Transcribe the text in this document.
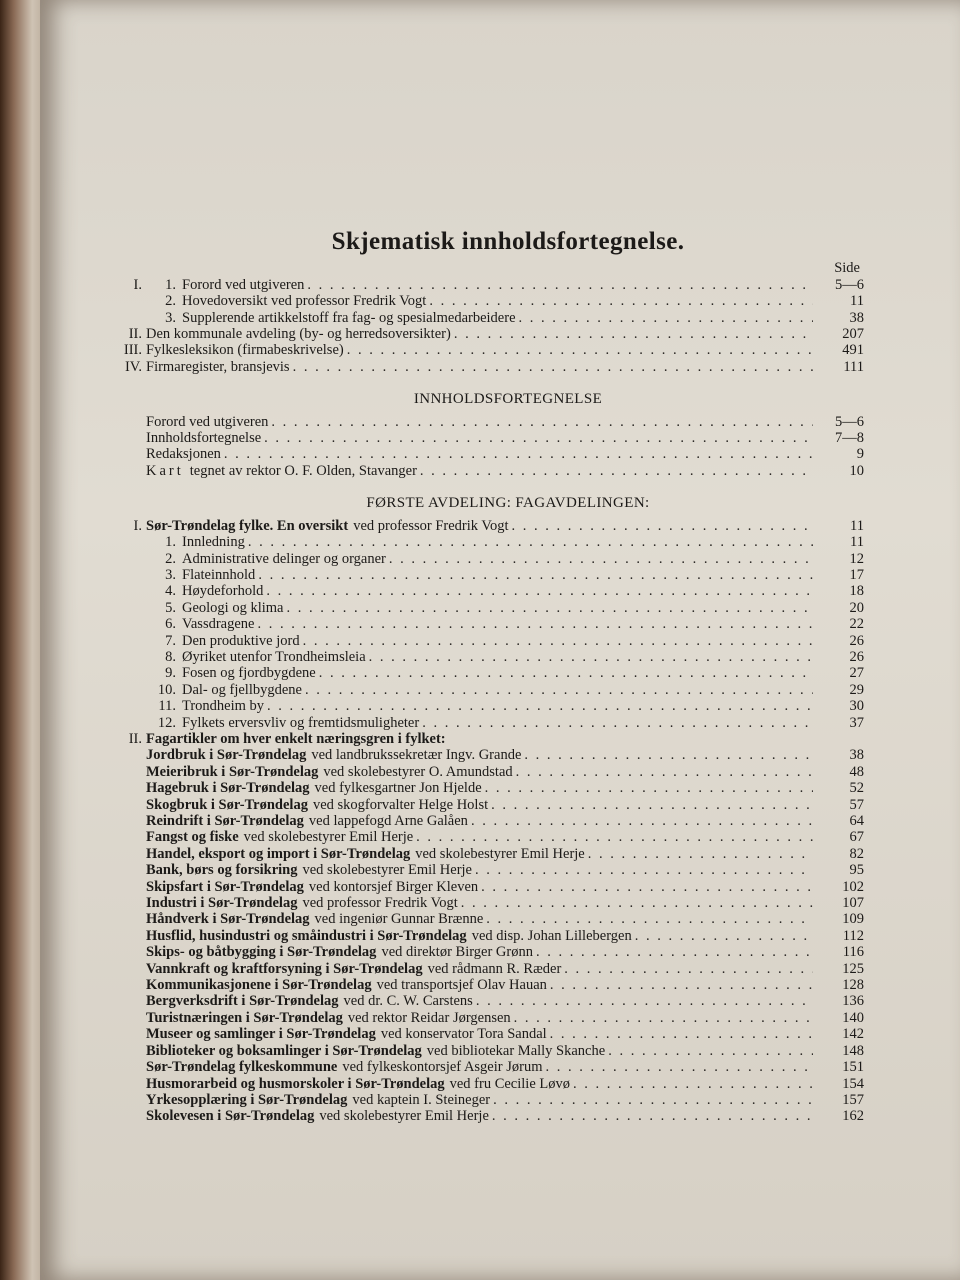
Skjematisk innholdsfortegnelse.
Side
I.	1. Forord ved utgiveren . . .	5—6
2. Hovedoversikt ved professor Fredrik Vogt . . .	11
3. Supplerende artikkelstoff fra fag- og spesialmedarbeidere . . .	38
II. Den kommunale avdeling (by- og herredsoversikter) . . .	207
III. Fylkesleksikon (firmabeskrivelse) . . .	491
IV. Firmaregister, bransjevis . . .	111
INNHOLDSFORTEGNELSE
Forord ved utgiveren . . .	5—6
Innholdsfortegnelse . . .	7—8
Redaksjonen . . .	9
Kart tegnet av rektor O. F. Olden, Stavanger . . .	10
FØRSTE AVDELING: FAGAVDELINGEN:
I. Sør-Trøndelag fylke. En oversikt ved professor Fredrik Vogt . . .	11
1. Innledning . . .	11
2. Administrative delinger og organer . . .	12
3. Flateinnhold . . .	17
4. Høydeforhold . . .	18
5. Geologi og klima . . .	20
6. Vassdragene . . .	22
7. Den produktive jord . . .	26
8. Øyriket utenfor Trondheimsleia . . .	26
9. Fosen og fjordbygdene . . .	27
10. Dal- og fjellbygdene . . .	29
11. Trondheim by . . .	30
12. Fylkets erversvliv og fremtidsmuligheter . . .	37
II. Fagartikler om hver enkelt næringsgren i fylket:
Jordbruk i Sør-Trøndelag ved landbrukssekretær Ingv. Grande . . .	38
Meieribruk i Sør-Trøndelag ved skolebestyrer O. Amundstad . . .	48
Hagebruk i Sør-Trøndelag ved fylkesgartner Jon Hjelde . . .	52
Skogbruk i Sør-Trøndelag ved skogforvalter Helge Holst . . .	57
Reindrift i Sør-Trøndelag ved lappefogd Arne Galåen . . .	64
Fangst og fiske ved skolebestyrer Emil Herje . . .	67
Handel, eksport og import i Sør-Trøndelag ved skolebestyrer Emil Herje . . .	82
Bank, børs og forsikring ved skolebestyrer Emil Herje . . .	95
Skipsfart i Sør-Trøndelag ved kontorsjef Birger Kleven . . .	102
Industri i Sør-Trøndelag ved professor Fredrik Vogt . . .	107
Håndverk i Sør-Trøndelag ved ingeniør Gunnar Brænne . . .	109
Husflid, husindustri og småindustri i Sør-Trøndelag ved disp. Johan Lillebergen . . .	112
Skips- og båtbygging i Sør-Trøndelag ved direktør Birger Grønn . . .	116
Vannkraft og kraftforsyning i Sør-Trøndelag ved rådmann R. Ræder . . .	125
Kommunikasjonene i Sør-Trøndelag ved transportsjef Olav Hauan . . .	128
Bergverksdrift i Sør-Trøndelag ved dr. C. W. Carstens . . .	136
Turistnæringen i Sør-Trøndelag ved rektor Reidar Jørgensen . . .	140
Museer og samlinger i Sør-Trøndelag ved konservator Tora Sandal . . .	142
Biblioteker og boksamlinger i Sør-Trøndelag ved bibliotekar Mally Skanche . . .	148
Sør-Trøndelag fylkeskommune ved fylkeskontorsjef Asgeir Jørum . . .	151
Husmorarbeid og husmorskoler i Sør-Trøndelag ved fru Cecilie Løvø . . .	154
Yrkesopplæring i Sør-Trøndelag ved kaptein I. Steineger . . .	157
Skolevesen i Sør-Trøndelag ved skolebestyrer Emil Herje . . .	162
